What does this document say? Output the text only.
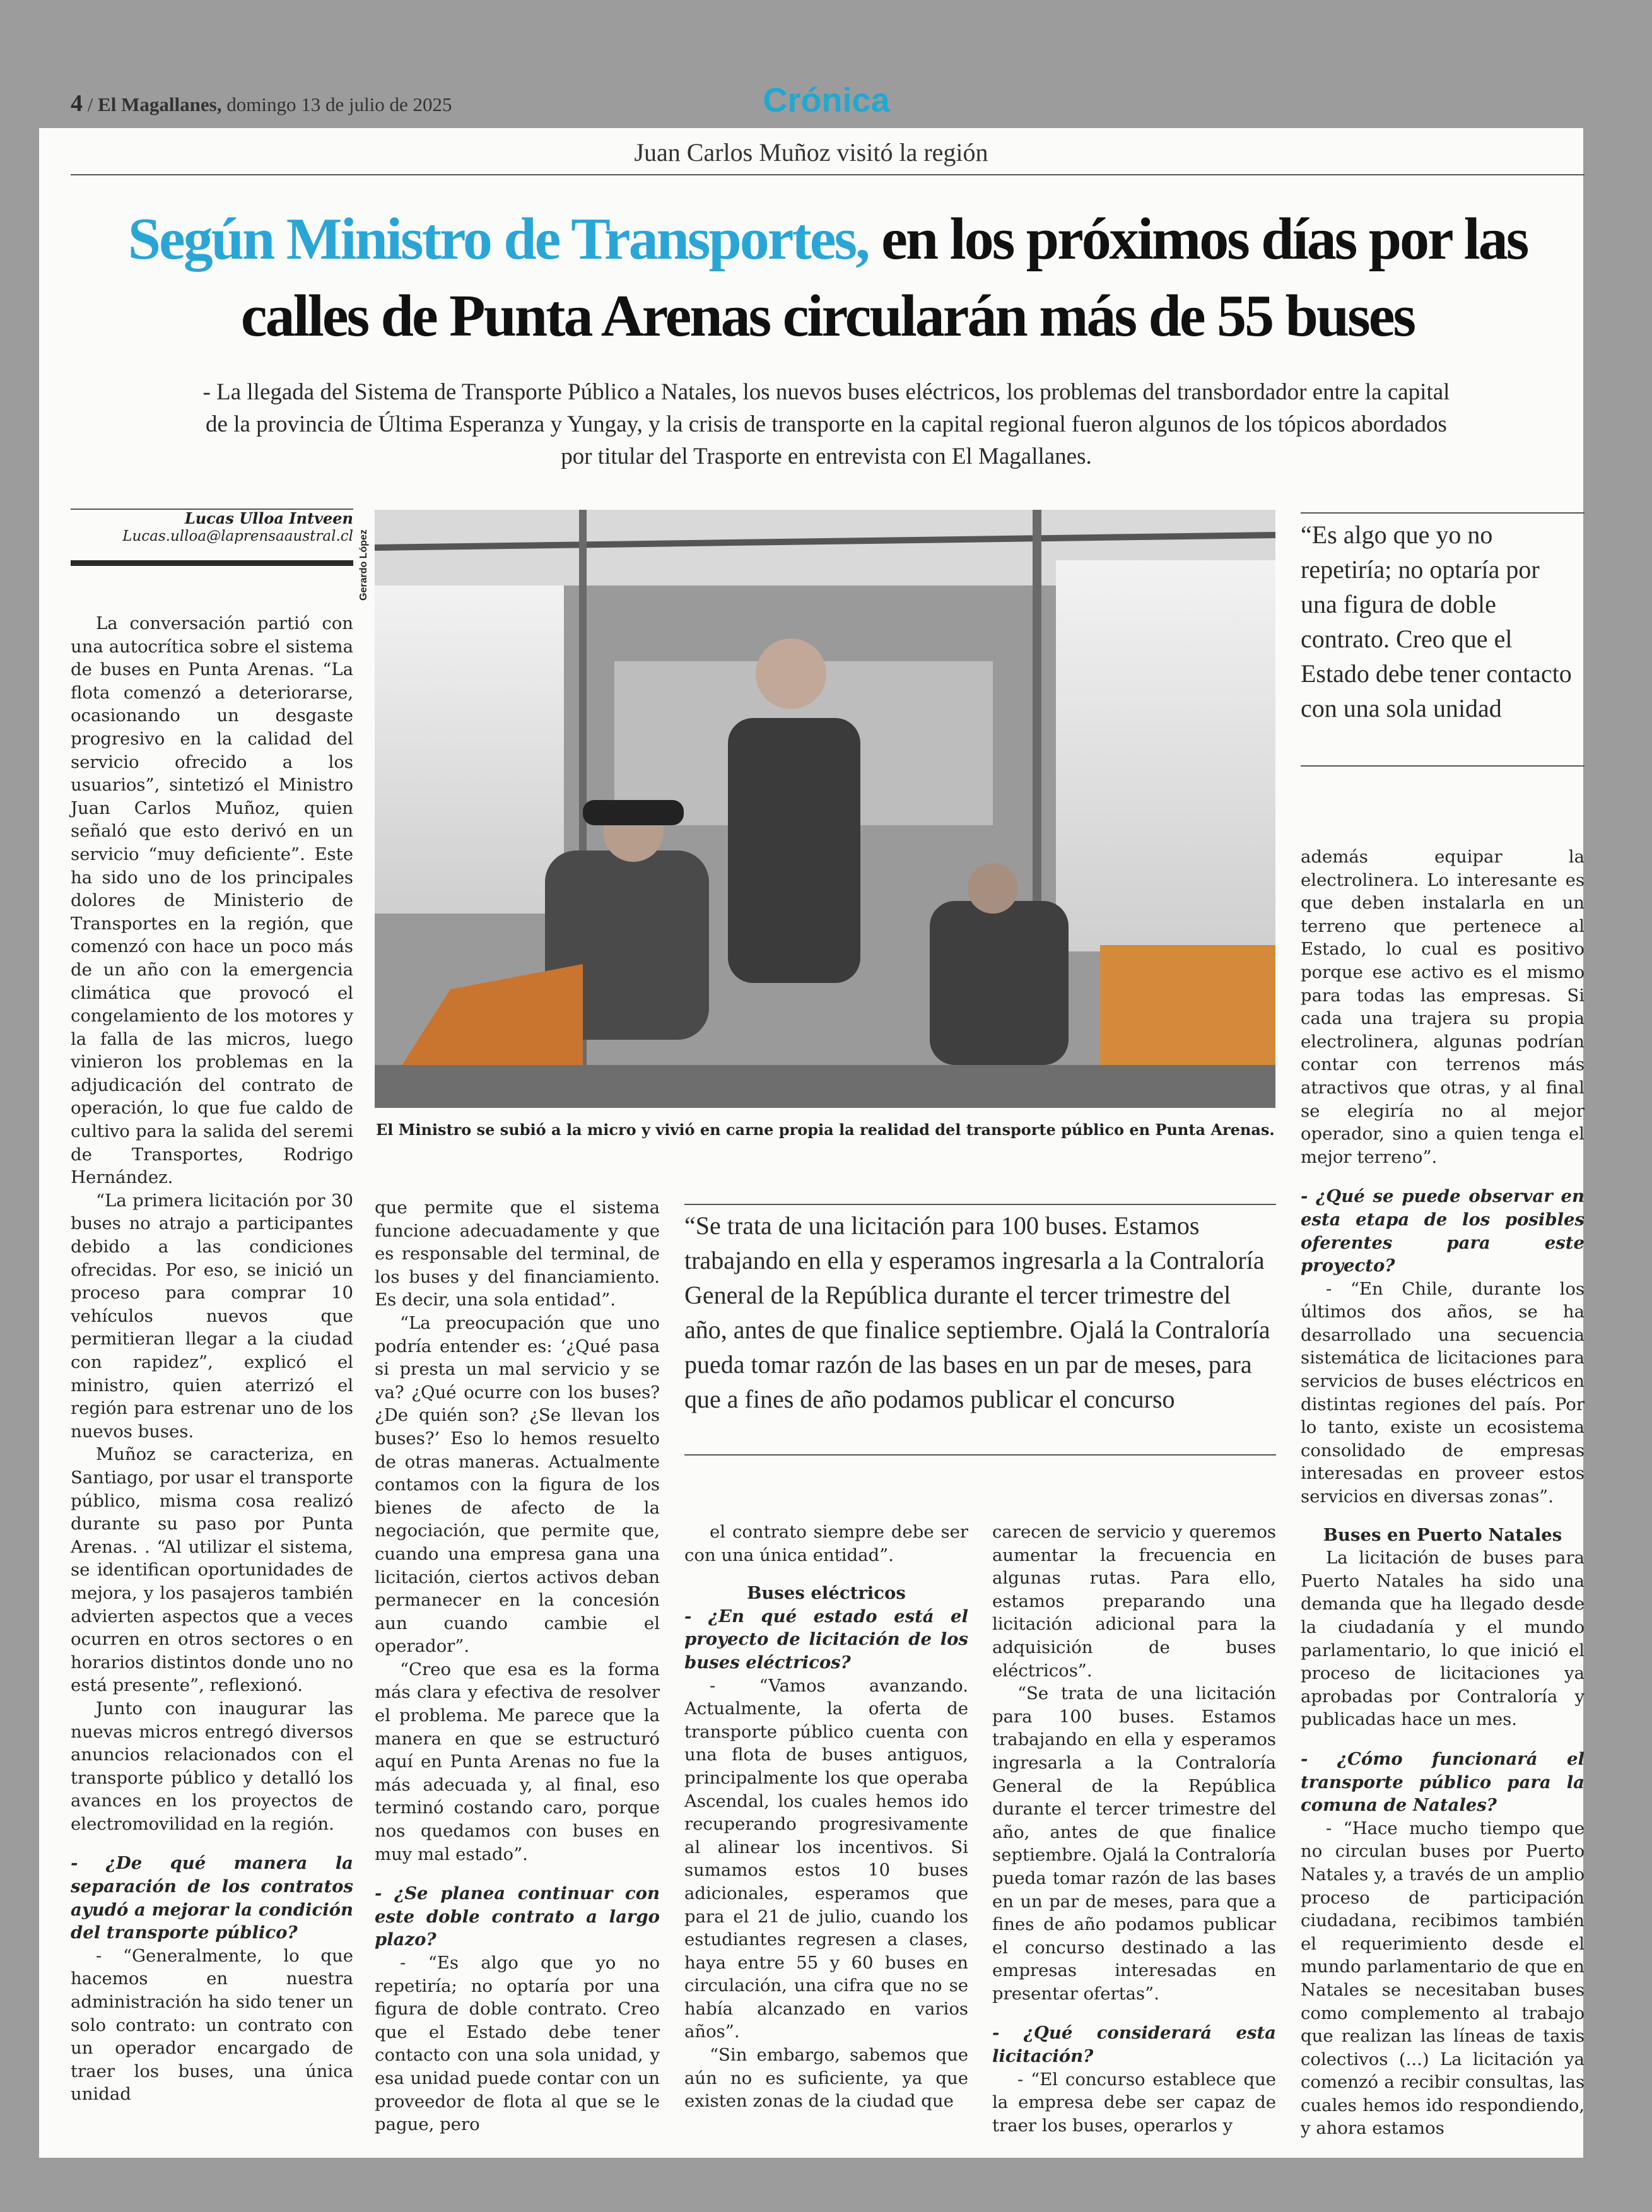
4 / El Magallanes, domingo 13 de julio de 2025	Crónica
Juan Carlos Muñoz visitó la región
Según Ministro de Transportes, en los próximos días por las calles de Punta Arenas circularán más de 55 buses
- La llegada del Sistema de Transporte Público a Natales, los nuevos buses eléctricos, los problemas del transbordador entre la capital de la provincia de Última Esperanza y Yungay, y la crisis de transporte en la capital regional fueron algunos de los tópicos abordados por titular del Trasporte en entrevista con El Magallanes.
Lucas Ulloa Intveen
Lucas.ulloa@laprensaaustral.cl Gerardo López
El Ministro se subió a la micro y vivió en carne propia la realidad del transporte público en Punta Arenas.
“Es algo que yo no repetiría; no optaría por una figura de doble contrato. Creo que el Estado debe tener contacto con una sola unidad
“Se trata de una licitación para 100 buses. Estamos trabajando en ella y esperamos ingresarla a la Contraloría General de la República durante el tercer trimestre del año, antes de que finalice septiembre. Ojalá la Contraloría pueda tomar razón de las bases en un par de meses, para que a fines de año podamos publicar el concurso

La conversación partió con una autocrítica sobre el sistema de buses en Punta Arenas. “La flota comenzó a deteriorarse, ocasionando un desgaste progresivo en la calidad del servicio ofrecido a los usuarios”, sintetizó el Ministro Juan Carlos Muñoz, quien señaló que esto derivó en un servicio “muy deficiente”. Este ha sido uno de los principales dolores de Ministerio de Transportes en la región, que comenzó con hace un poco más de un año con la emergencia climática que provocó el congelamiento de los motores y la falla de las micros, luego vinieron los problemas en la adjudicación del contrato de operación, lo que fue caldo de cultivo para la salida del seremi de Transportes, Rodrigo Hernández.

“La primera licitación por 30 buses no atrajo a participantes debido a las condiciones ofrecidas. Por eso, se inició un proceso para comprar 10 vehículos nuevos que permitieran llegar a la ciudad con rapidez”, explicó el ministro, quien aterrizó el región para estrenar uno de los nuevos buses.

Muñoz se caracteriza, en Santiago, por usar el transporte público, misma cosa realizó durante su paso por Punta Arenas. . “Al utilizar el sistema, se identifican oportunidades de mejora, y los pasajeros también advierten aspectos que a veces ocurren en otros sectores o en horarios distintos donde uno no está presente”, reflexionó.

Junto con inaugurar las nuevas micros entregó diversos anuncios relacionados con el transporte público y detalló los avances en los proyectos de electromovilidad en la región.

- ¿De qué manera la separación de los contratos ayudó a mejorar la condición del transporte público?

- “Generalmente, lo que hacemos en nuestra administración ha sido tener un solo contrato: un contrato con un operador encargado de traer los buses, una única unidad

que permite que el sistema funcione adecuadamente y que es responsable del terminal, de los buses y del financiamiento. Es decir, una sola entidad”.

“La preocupación que uno podría entender es: ‘¿Qué pasa si presta un mal servicio y se va? ¿Qué ocurre con los buses? ¿De quién son? ¿Se llevan los buses?’ Eso lo hemos resuelto de otras maneras. Actualmente contamos con la figura de los bienes de afecto de la negociación, que permite que, cuando una empresa gana una licitación, ciertos activos deban permanecer en la concesión aun cuando cambie el operador”.

“Creo que esa es la forma más clara y efectiva de resolver el problema. Me parece que la manera en que se estructuró aquí en Punta Arenas no fue la más adecuada y, al final, eso terminó costando caro, porque nos quedamos con buses en muy mal estado”.

- ¿Se planea continuar con este doble contrato a largo plazo?

- “Es algo que yo no repetiría; no optaría por una figura de doble contrato. Creo que el Estado debe tener contacto con una sola unidad, y esa unidad puede contar con un proveedor de flota al que se le pague, pero

el contrato siempre debe ser con una única entidad”.

Buses eléctricos

- ¿En qué estado está el proyecto de licitación de los buses eléctricos?

- “Vamos avanzando. Actualmente, la oferta de transporte público cuenta con una flota de buses antiguos, principalmente los que operaba Ascendal, los cuales hemos ido recuperando progresivamente al alinear los incentivos. Si sumamos estos 10 buses adicionales, esperamos que para el 21 de julio, cuando los estudiantes regresen a clases, haya entre 55 y 60 buses en circulación, una cifra que no se había alcanzado en varios años”.

“Sin embargo, sabemos que aún no es suficiente, ya que existen zonas de la ciudad que

carecen de servicio y queremos aumentar la frecuencia en algunas rutas. Para ello, estamos preparando una licitación adicional para la adquisición de buses eléctricos”.

“Se trata de una licitación para 100 buses. Estamos trabajando en ella y esperamos ingresarla a la Contraloría General de la República durante el tercer trimestre del año, antes de que finalice septiembre. Ojalá la Contraloría pueda tomar razón de las bases en un par de meses, para que a fines de año podamos publicar el concurso destinado a las empresas interesadas en presentar ofertas”.

- ¿Qué considerará esta licitación?

- “El concurso establece que la empresa debe ser capaz de traer los buses, operarlos y

además equipar la electrolinera. Lo interesante es que deben instalarla en un terreno que pertenece al Estado, lo cual es positivo porque ese activo es el mismo para todas las empresas. Si cada una trajera su propia electrolinera, algunas podrían contar con terrenos más atractivos que otras, y al final se elegiría no al mejor operador, sino a quien tenga el mejor terreno”.

- ¿Qué se puede observar en esta etapa de los posibles oferentes para este proyecto?

- “En Chile, durante los últimos dos años, se ha desarrollado una secuencia sistemática de licitaciones para servicios de buses eléctricos en distintas regiones del país. Por lo tanto, existe un ecosistema consolidado de empresas interesadas en proveer estos servicios en diversas zonas”.

Buses en Puerto Natales

La licitación de buses para Puerto Natales ha sido una demanda que ha llegado desde la ciudadanía y el mundo parlamentario, lo que inició el proceso de licitaciones ya aprobadas por Contraloría y publicadas hace un mes.

- ¿Cómo funcionará el transporte público para la comuna de Natales?

- “Hace mucho tiempo que no circulan buses por Puerto Natales y, a través de un amplio proceso de participación ciudadana, recibimos también el requerimiento desde el mundo parlamentario de que en Natales se necesitaban buses como complemento al trabajo que realizan las líneas de taxis colectivos (...) La licitación ya comenzó a recibir consultas, las cuales hemos ido respondiendo, y ahora estamos
